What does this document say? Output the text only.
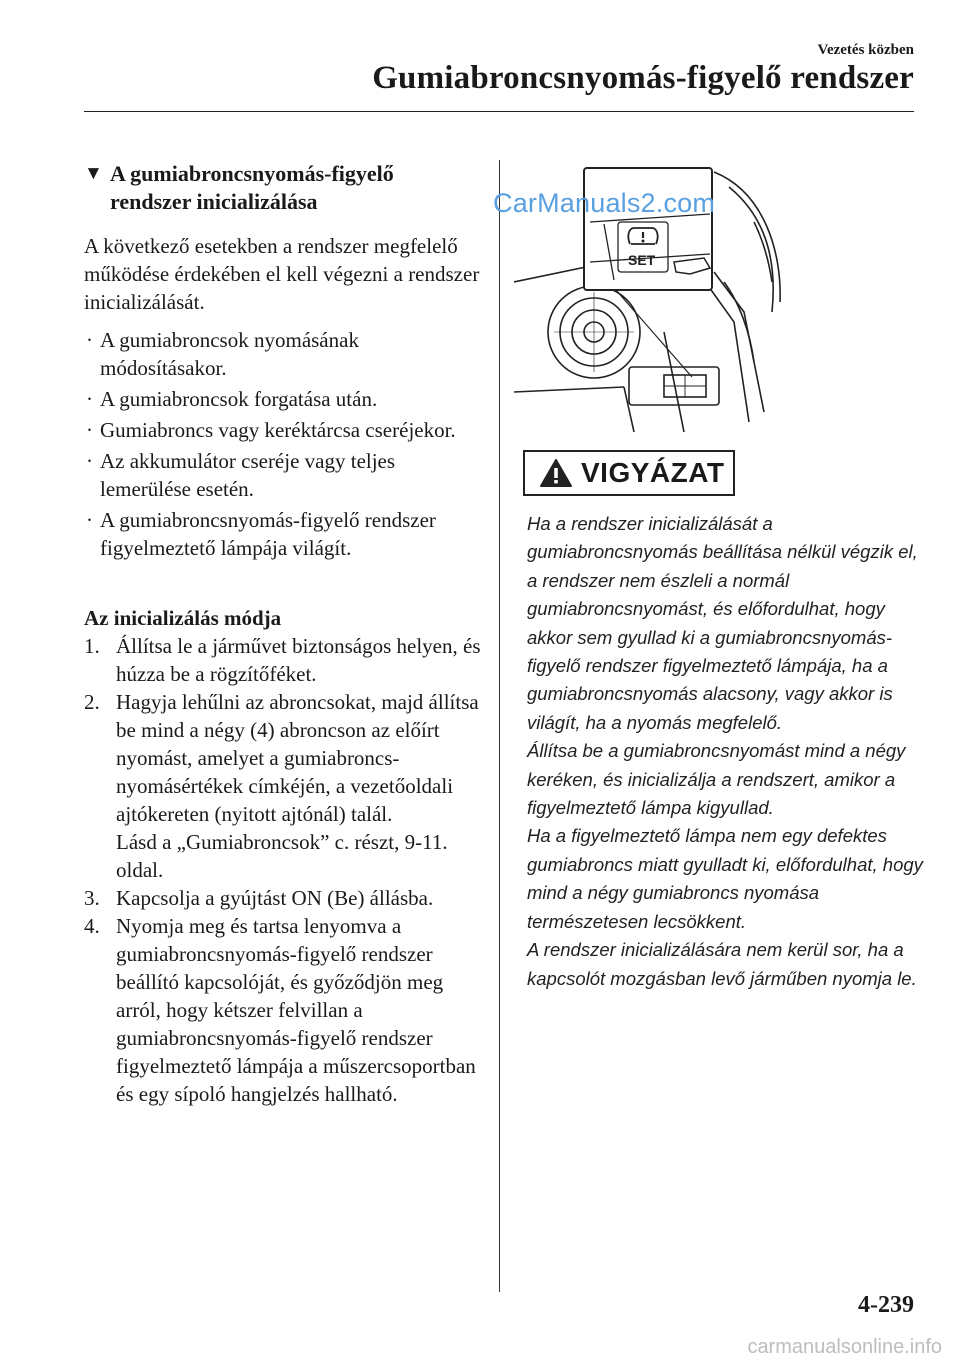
Vezetés közben
Gumiabroncsnyomás-figyelő rendszer
▼ A gumiabroncsnyomás-figyelő
rendszer inicializálása
A következő esetekben a rendszer megfelelő működése érdekében el kell végezni a rendszer inicializálását.
· A gumiabroncsok nyomásának módosításakor.
· A gumiabroncsok forgatása után.
· Gumiabroncs vagy keréktárcsa cseréjekor.
· Az akkumulátor cseréje vagy teljes lemerülése esetén.
· A gumiabroncsnyomás-figyelő rendszer figyelmeztető lámpája világít.
Az inicializálás módja
1. Állítsa le a járművet biztonságos helyen, és húzza be a rögzítőféket.
2. Hagyja lehűlni az abroncsokat, majd állítsa be mind a négy (4) abroncson az előírt nyomást, amelyet a gumiabroncs-nyomásértékek címkéjén, a vezetőoldali ajtókereten (nyitott ajtónál) talál.
Lásd a „Gumiabroncsok” c. részt, 9-11. oldal.
3. Kapcsolja a gyújtást ON (Be) állásba.
4. Nyomja meg és tartsa lenyomva a gumiabroncsnyomás-figyelő rendszer beállító kapcsolóját, és győződjön meg arról, hogy kétszer felvillan a gumiabroncsnyomás-figyelő rendszer figyelmeztető lámpája a műszercsoportban és egy sípoló hangjelzés hallható.
SET
CarManuals2.com
VIGYÁZAT

Ha a rendszer inicializálását a gumiabroncsnyomás beállítása nélkül végzik el, a rendszer nem észleli a normál gumiabroncsnyomást, és előfordulhat, hogy akkor sem gyullad ki a gumiabroncsnyomás-figyelő rendszer figyelmeztető lámpája, ha a gumiabroncsnyomás alacsony, vagy akkor is világít, ha a nyomás megfelelő.

Állítsa be a gumiabroncsnyomást mind a négy keréken, és inicializálja a rendszert, amikor a figyelmeztető lámpa kigyullad.

Ha a figyelmeztető lámpa nem egy defektes gumiabroncs miatt gyulladt ki, előfordulhat, hogy mind a négy gumiabroncs nyomása természetesen lecsökkent.

A rendszer inicializálására nem kerül sor, ha a kapcsolót mozgásban levő járműben nyomja le.

4-239
carmanualsonline.info
